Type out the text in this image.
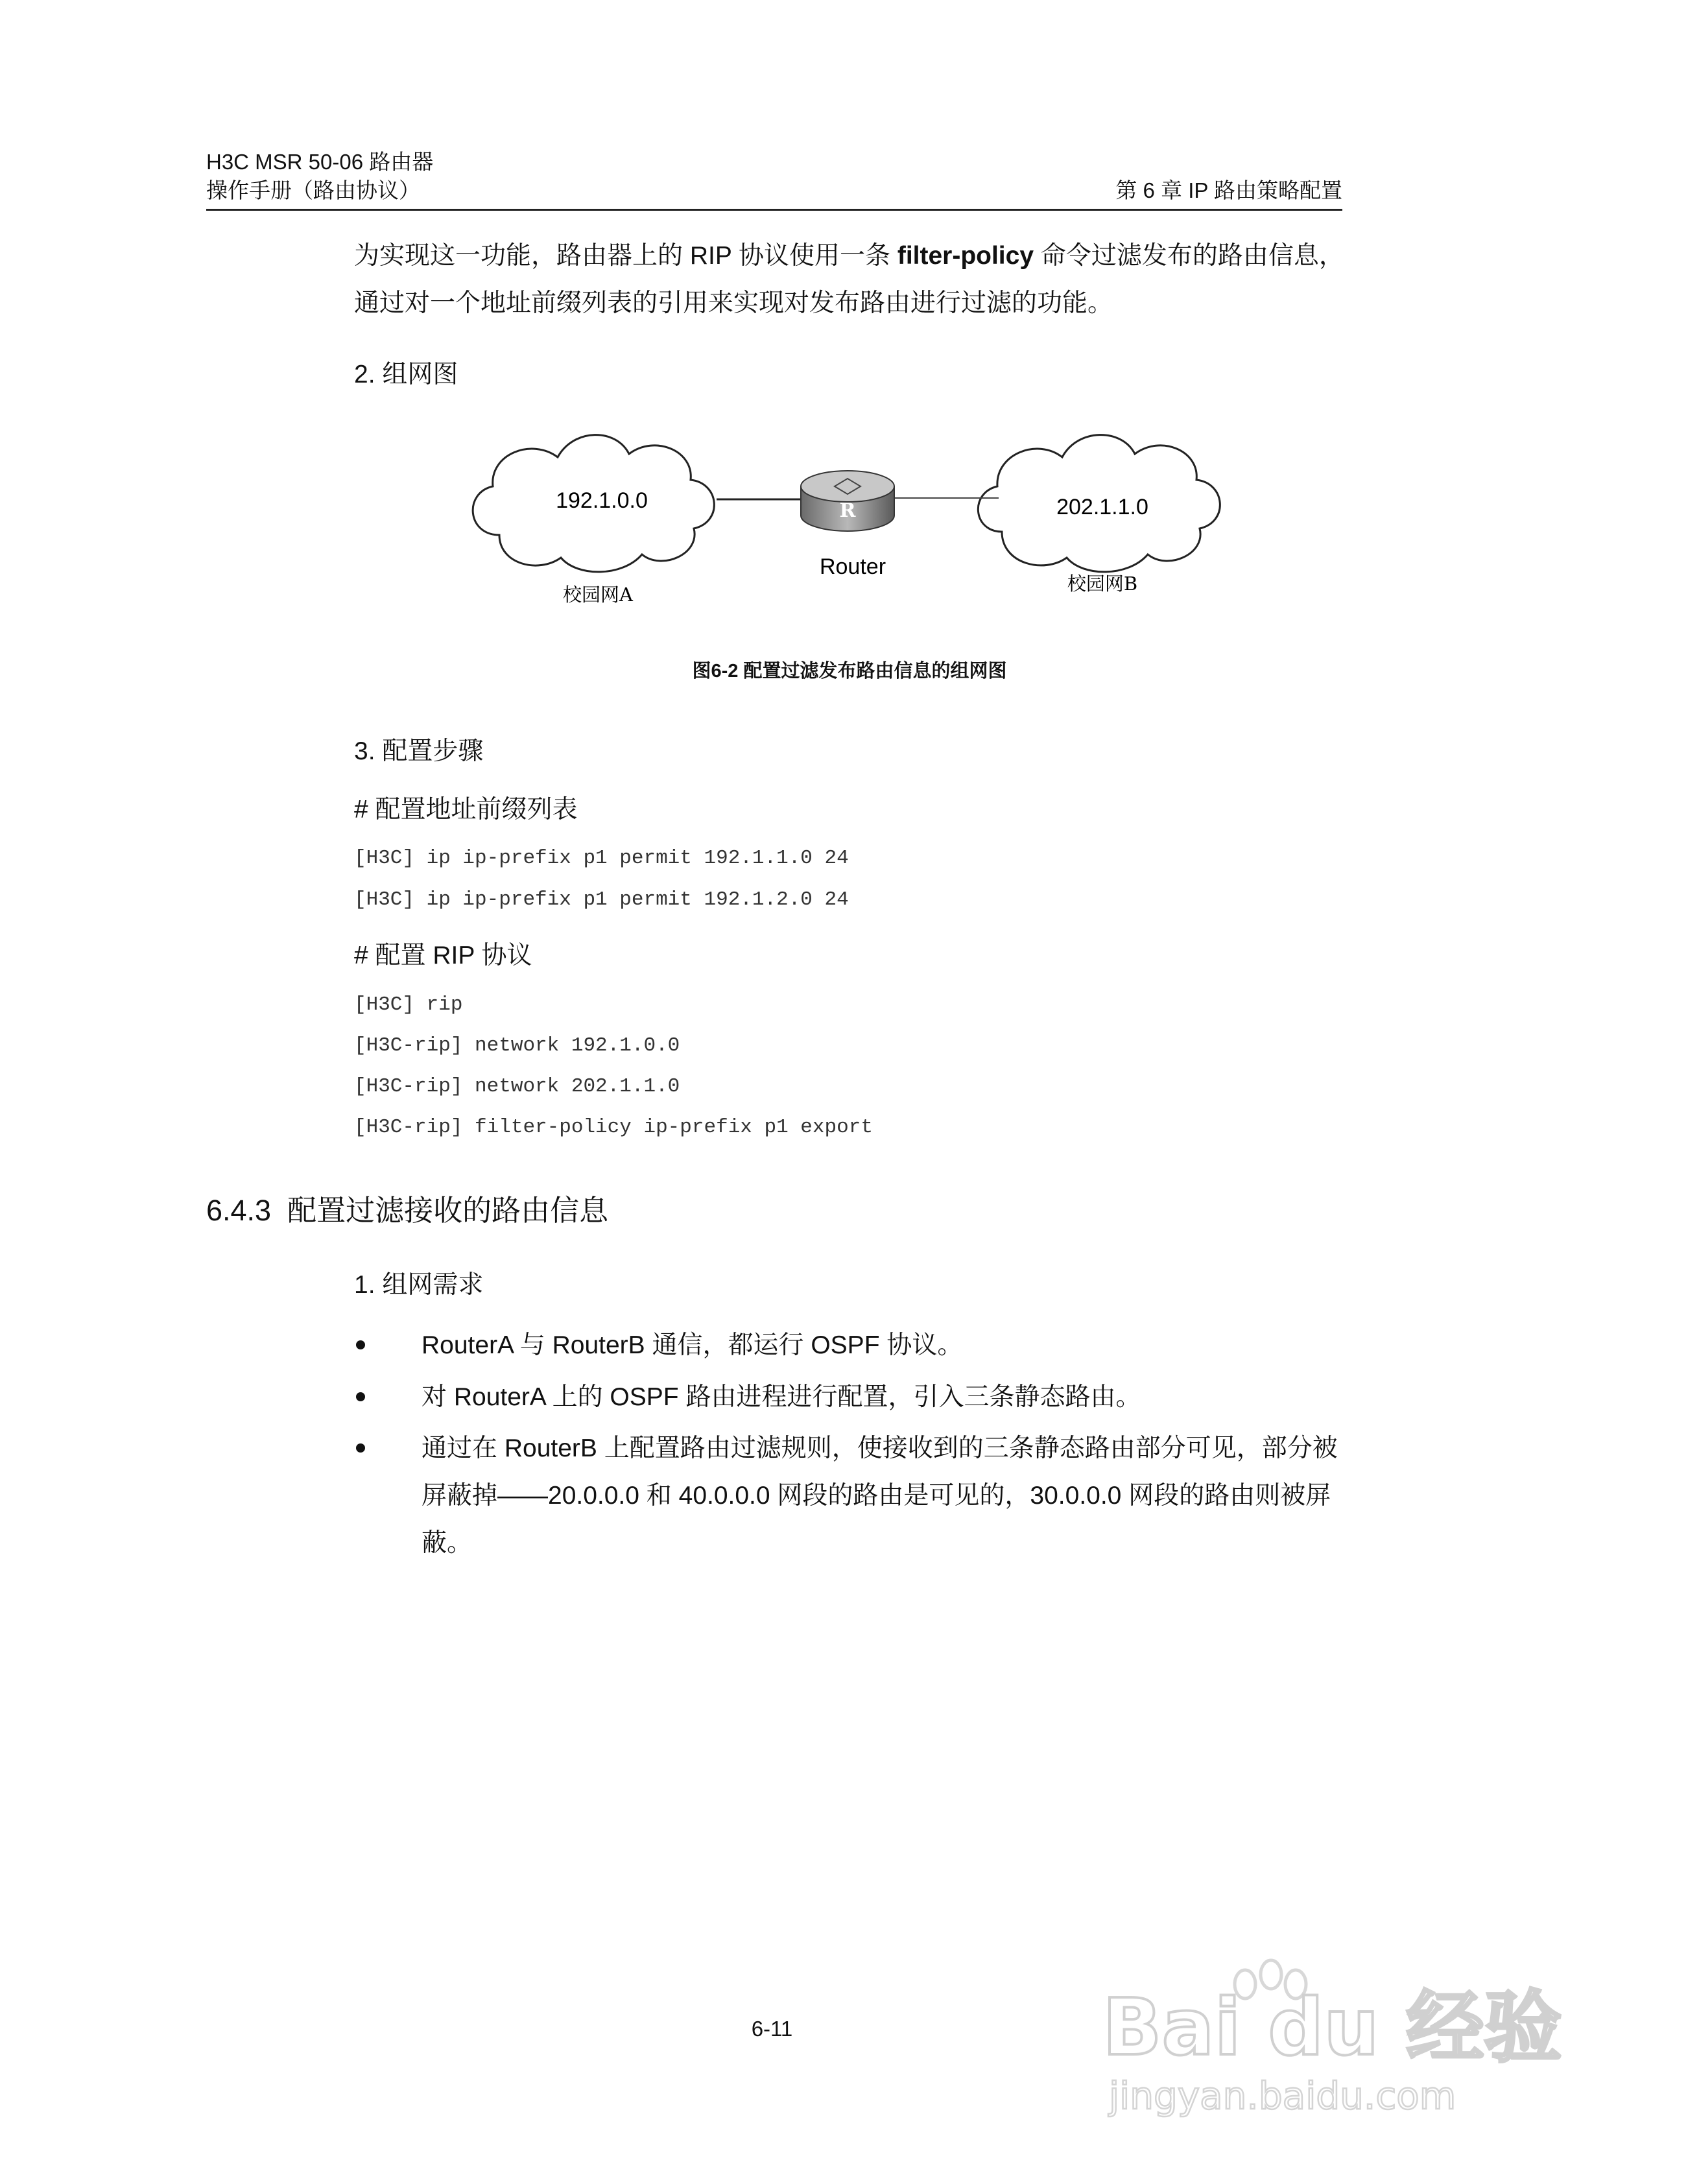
H3C MSR 50-06 路由器
操作手册（路由协议）	第 6 章 IP 路由策略配置
为实现这一功能，路由器上的 RIP 协议使用一条 filter-policy 命令过滤发布的路由信息，通过对一个地址前缀列表的引用来实现对发布路由进行过滤的功能。
2. 组网图
R
192.1.0.0	202.1.1.0
Router
校园网A	校园网B
图6-2 配置过滤发布路由信息的组网图
3. 配置步骤
# 配置地址前缀列表
[H3C] ip ip-prefix p1 permit 192.1.1.0 24
[H3C] ip ip-prefix p1 permit 192.1.2.0 24
# 配置 RIP 协议
[H3C] rip
[H3C-rip] network 192.1.0.0
[H3C-rip] network 202.1.1.0
[H3C-rip] filter-policy ip-prefix p1 export
6.4.3 配置过滤接收的路由信息
1. 组网需求
RouterA 与 RouterB 通信，都运行 OSPF 协议。
对 RouterA 上的 OSPF 路由进程进行配置，引入三条静态路由。
通过在 RouterB 上配置路由过滤规则，使接收到的三条静态路由部分可见，部分被屏蔽掉——20.0.0.0 和 40.0.0.0 网段的路由是可见的，30.0.0.0 网段的路由则被屏蔽。
6-11	Bai du 经验
jingyan.baidu.com
